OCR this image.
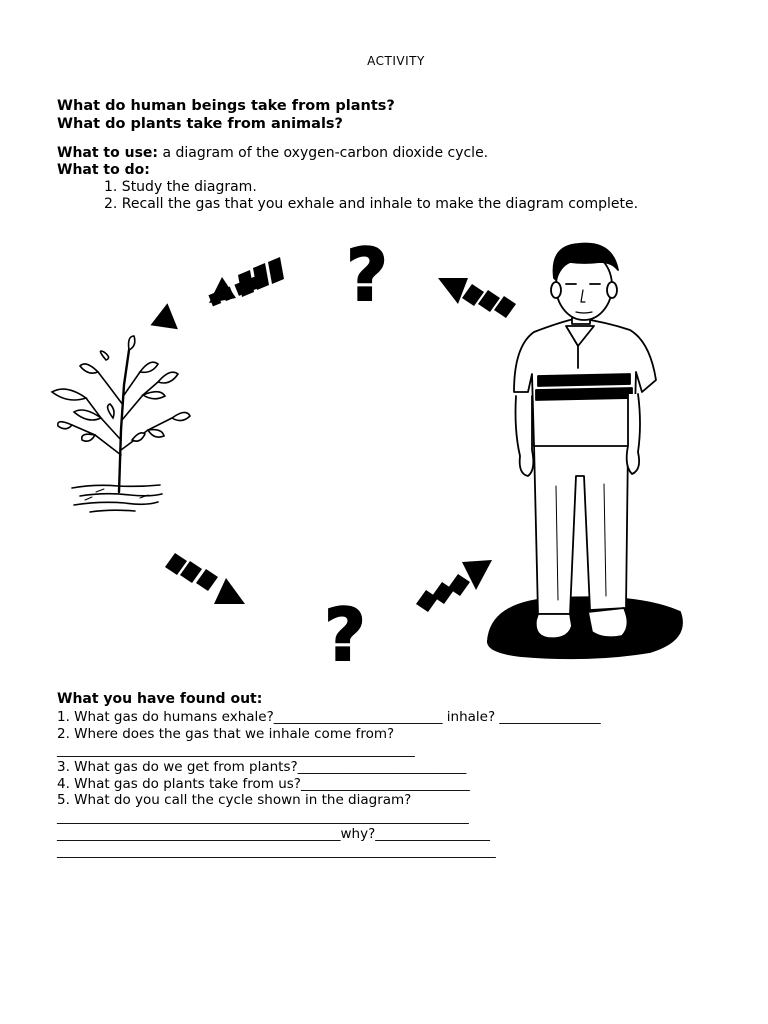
ACTIVITY
What do human beings take from plants?
What do plants take from animals?
What to use: a diagram of the oxygen-carbon dioxide cycle.
What to do:
1. Study the diagram.
2. Recall the gas that you exhale and inhale to make the diagram complete.
?
?
What you have found out:
1. What gas do humans exhale?_________________________ inhale? _______________
2. Where does the gas that we inhale come from?
_____________________________________________________
3. What gas do we get from plants?_________________________
4. What gas do plants take from us?_________________________
5. What do you call the cycle shown in the diagram?
_____________________________________________________________
__________________________________________why?_________________
_________________________________________________________________
